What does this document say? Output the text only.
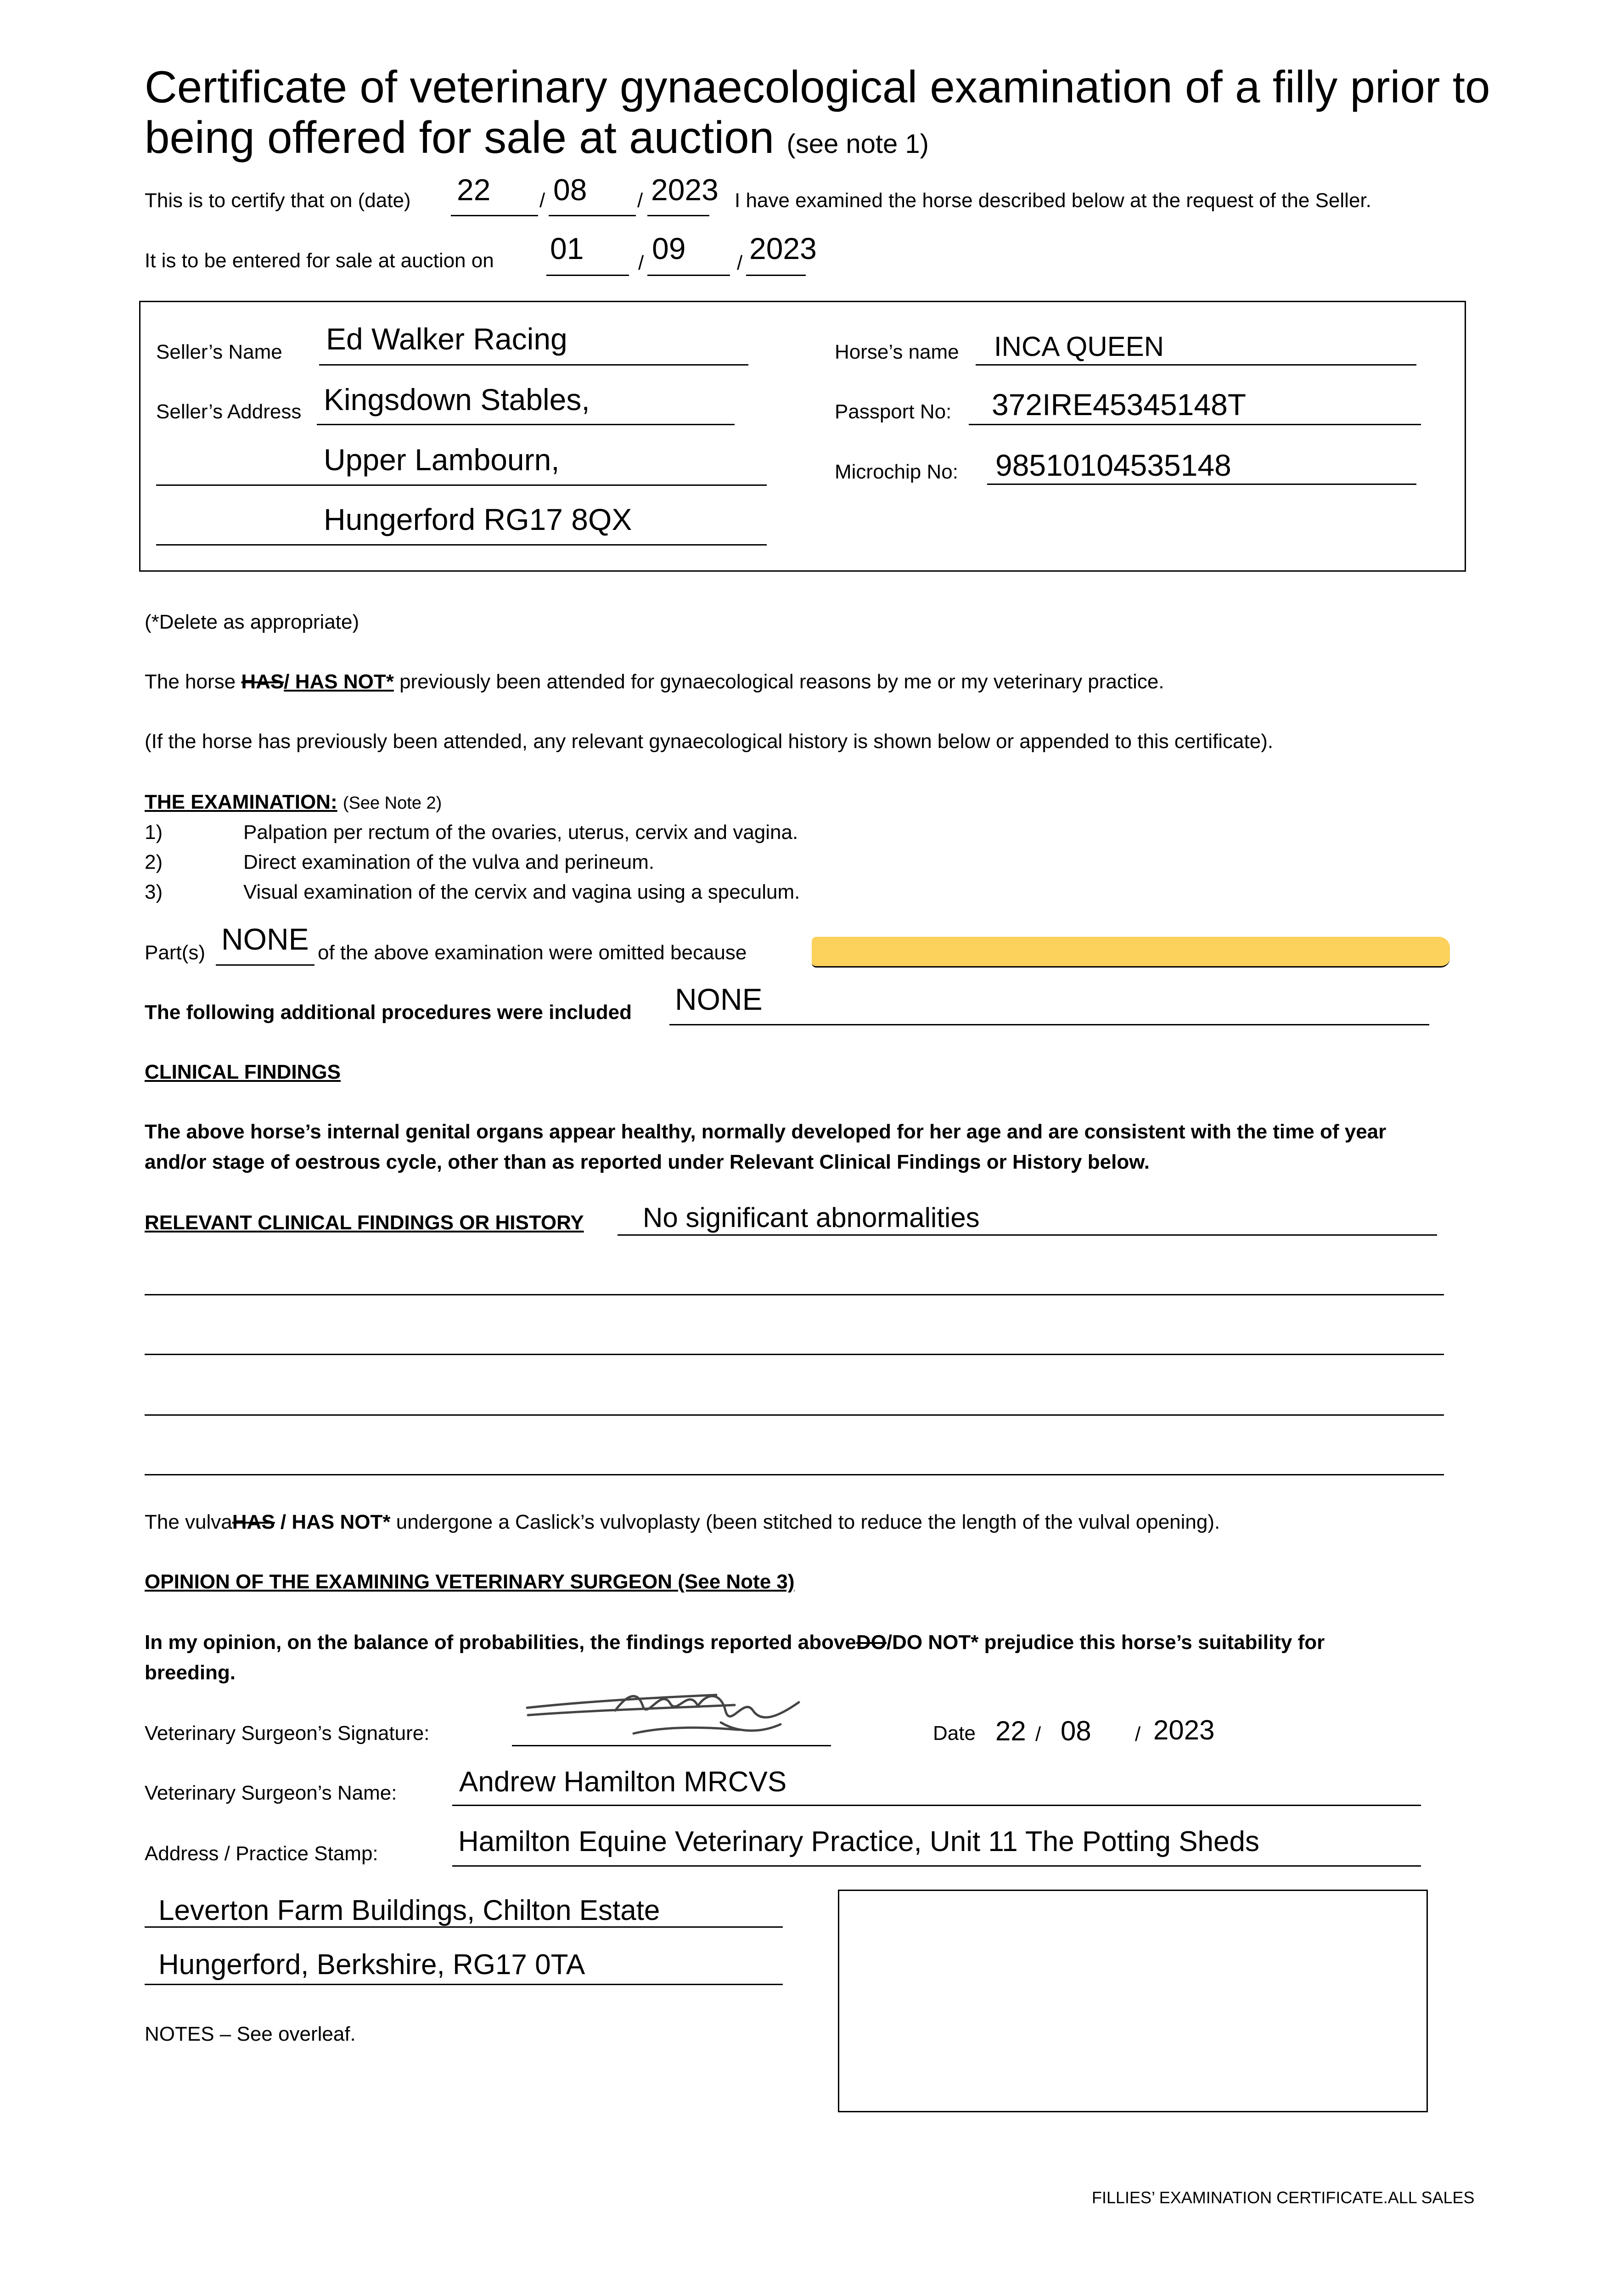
Certificate of veterinary gynaecological examination of a filly prior to
being offered for sale at auction (see note 1)
This is to certify that on (date) 22 / 08 / 2023 I have examined the horse described below at the request of the Seller.
It is to be entered for sale at auction on 01	/ 09	/ 2023
Seller’s Name Ed Walker Racing
Seller’s Address Kingsdown Stables,
Upper Lambourn,
Hungerford RG17 8QX
Horse’s name INCA QUEEN
Passport No: 372IRE45345148T
Microchip No: 98510104535148
(*Delete as appropriate)
The horse HAS/ HAS NOT* previously been attended for gynaecological reasons by me or my veterinary practice.
(If the horse has previously been attended, any relevant gynaecological history is shown below or appended to this certificate).
THE EXAMINATION: (See Note 2)
1)	Palpation per rectum of the ovaries, uterus, cervix and vagina.
2)	Direct examination of the vulva and perineum.
3)	Visual examination of the cervix and vagina using a speculum.
Part(s) NONE of the above examination were omitted because
The following additional procedures were included NONE
CLINICAL FINDINGS
The above horse’s internal genital organs appear healthy, normally developed for her age and are consistent with the time of year
and/or stage of oestrous cycle, other than as reported under Relevant Clinical Findings or History below.
RELEVANT CLINICAL FINDINGS OR HISTORY No significant abnormalities
The vulvaHAS / HAS NOT* undergone a Caslick’s vulvoplasty (been stitched to reduce the length of the vulval opening).
OPINION OF THE EXAMINING VETERINARY SURGEON (See Note 3)
In my opinion, on the balance of probabilities, the findings reported aboveDO/DO NOT* prejudice this horse’s suitability for
breeding.
Veterinary Surgeon’s Signature:	Date 22 / 08 / 2023
Veterinary Surgeon’s Name: Andrew Hamilton MRCVS
Address / Practice Stamp:	Hamilton Equine Veterinary Practice, Unit 11 The Potting Sheds
Leverton Farm Buildings, Chilton Estate
Hungerford, Berkshire, RG17 0TA
NOTES – See overleaf.
FILLIES’ EXAMINATION CERTIFICATE.ALL SALES
